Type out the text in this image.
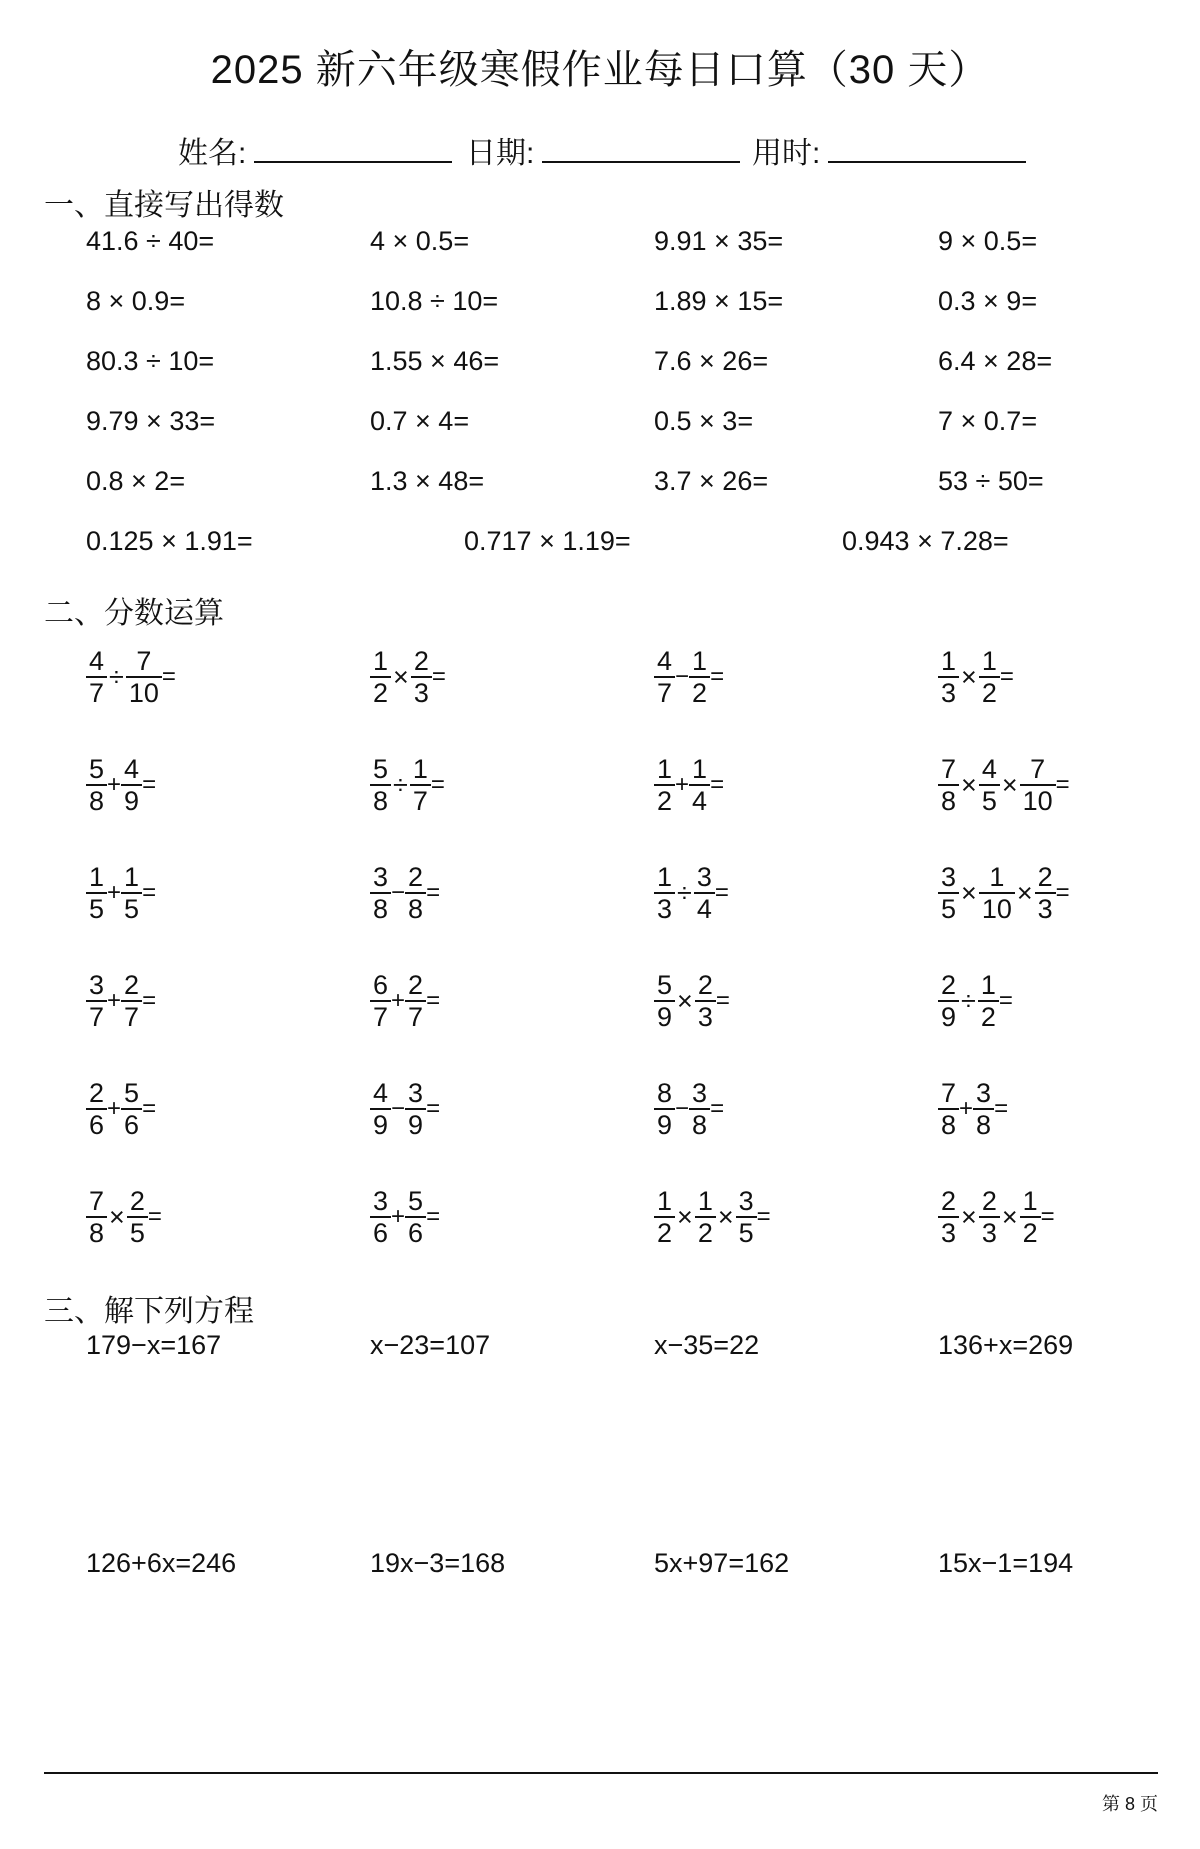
2025 新六年级寒假作业每日口算（30 天）
姓名:	日期:	用时:
一、直接写出得数
41.6 ÷ 40=	4 × 0.5=	9.91 × 35=	9 × 0.5=
8 × 0.9=	10.8 ÷ 10=	1.89 × 15=	0.3 × 9=
80.3 ÷ 10=	1.55 × 46=	7.6 × 26=	6.4 × 28=
9.79 × 33=	0.7 × 4=	0.5 × 3=	7 × 0.7=
0.8 × 2=	1.3 × 48=	3.7 × 26=	53 ÷ 50=
0.125 × 1.91=	0.717 × 1.19=	0.943 × 7.28=
二、分数运算
$\frac{4}{7} \div \frac{7}{10}$ =	$\frac{1}{2} \times \frac{2}{3}$ =	$\frac{4}{7} - \frac{1}{2}$ =	$\frac{1}{3} \times \frac{1}{2}$ =
$\frac{5}{8} + \frac{4}{9}$ =	$\frac{5}{8} \div \frac{1}{7}$ =	$\frac{1}{2} + \frac{1}{4}$ =	$\frac{7}{8} \times \frac{4}{5} \times \frac{7}{10}$ =
$\frac{1}{5} + \frac{1}{5}$ =	$\frac{3}{8} - \frac{2}{8}$ =	$\frac{1}{3} \div \frac{3}{4}$ =	$\frac{3}{5} \times \frac{1}{10} \times \frac{2}{3}$ =
$\frac{3}{7} + \frac{2}{7}$ =	$\frac{6}{7} + \frac{2}{7}$ =	$\frac{5}{9} \times \frac{2}{3}$ =	$\frac{2}{9} \div \frac{1}{2}$ =
$\frac{2}{6} + \frac{5}{6}$ =	$\frac{4}{9} - \frac{3}{9}$ =	$\frac{8}{9} - \frac{3}{8}$ =	$\frac{7}{8} + \frac{3}{8}$ =
$\frac{7}{8} \times \frac{2}{5}$ =	$\frac{3}{6} + \frac{5}{6}$ =	$\frac{1}{2} \times \frac{1}{2} \times \frac{3}{5}$ =	$\frac{2}{3} \times \frac{2}{3} \times \frac{1}{2}$ =
三、解下列方程
179−x=167	x−23=107	x−35=22	136+x=269
126+6x=246	19x−3=168	5x+97=162	15x−1=194
第 8 页
